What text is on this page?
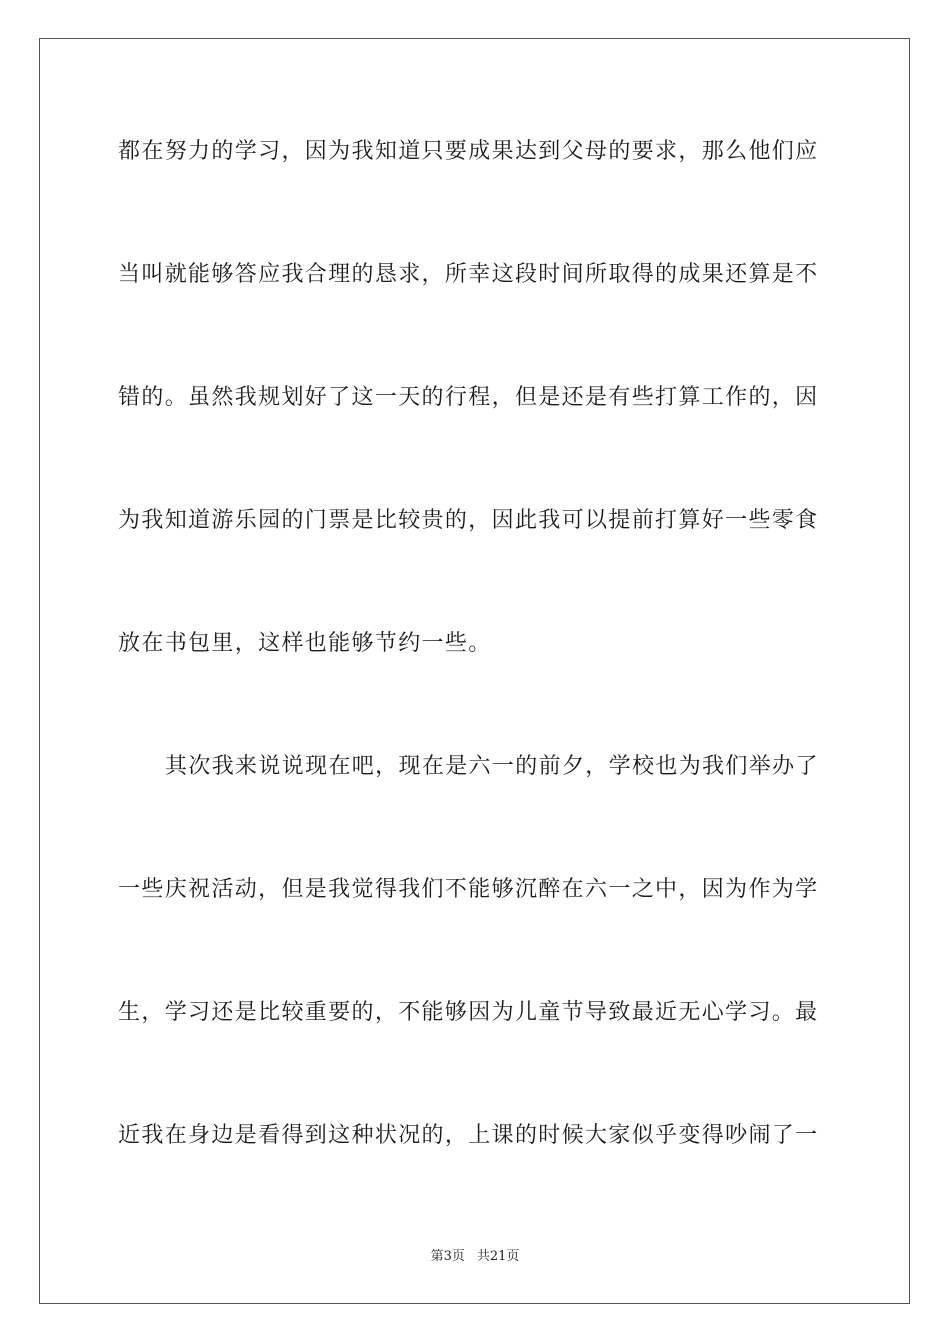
都在努力的学习，因为我知道只要成果达到父母的要求，那么他们应
当叫就能够答应我合理的恳求，所幸这段时间所取得的成果还算是不
错的。虽然我规划好了这一天的行程，但是还是有些打算工作的，因
为我知道游乐园的门票是比较贵的，因此我可以提前打算好一些零食
放在书包里，这样也能够节约一些。
其次我来说说现在吧，现在是六一的前夕，学校也为我们举办了
一些庆祝活动，但是我觉得我们不能够沉醉在六一之中，因为作为学
生，学习还是比较重要的，不能够因为儿童节导致最近无心学习。最
近我在身边是看得到这种状况的，上课的时候大家似乎变得吵闹了一
第3页 共21页
